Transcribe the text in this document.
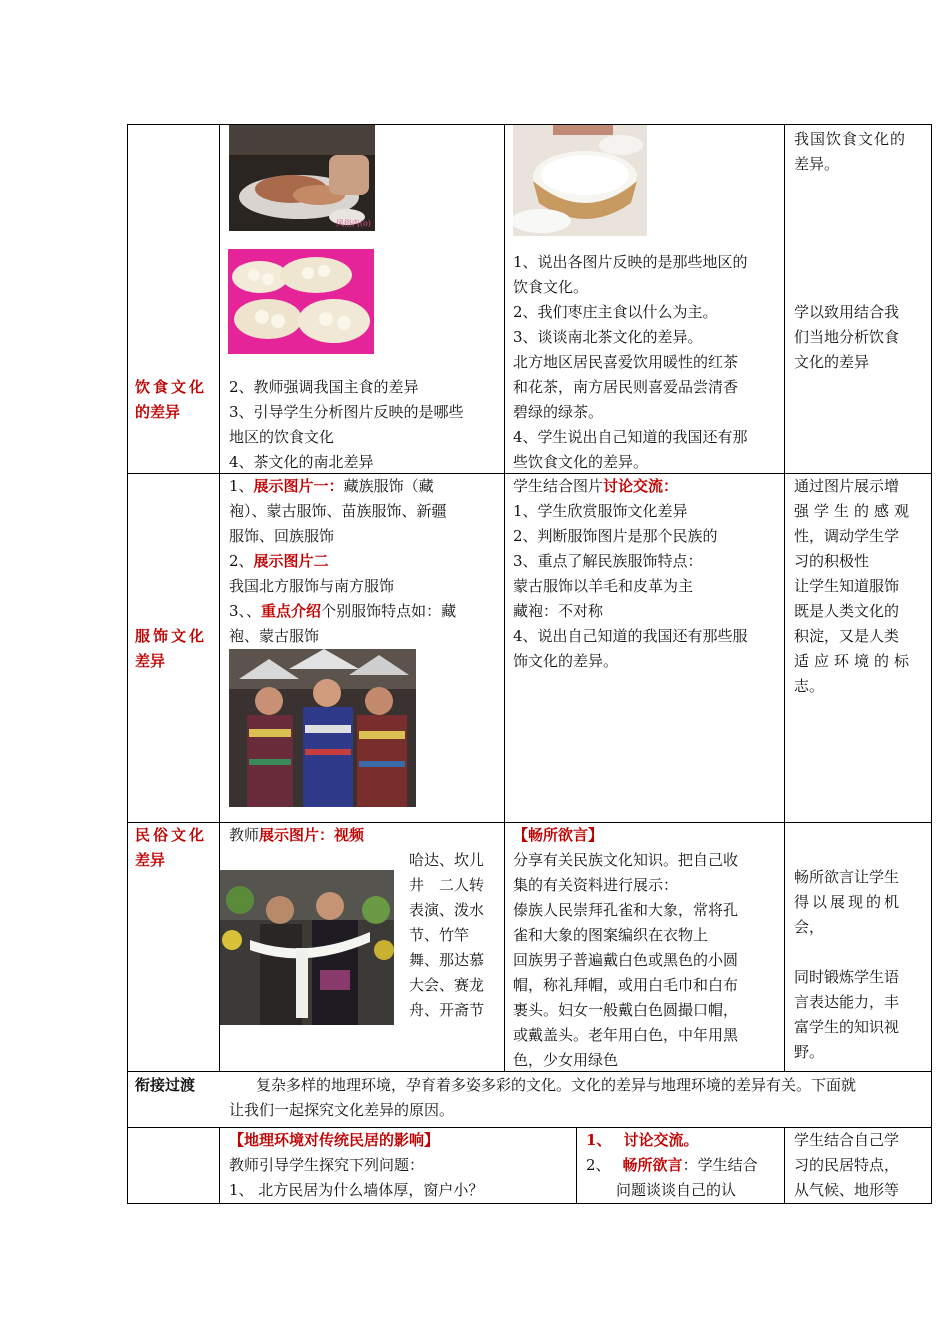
饮食文化
的差异
风俗内(o)
2、教师强调我国主食的差异
3、引导学生分析图片反映的是哪些
地区的饮食文化
4、茶文化的南北差异
1、说出各图片反映的是那些地区的
饮食文化。
2、我们枣庄主食以什么为主。
3、谈谈南北茶文化的差异。
北方地区居民喜爱饮用暖性的红茶
和花茶，南方居民则喜爱品尝清香
碧绿的绿茶。
4、学生说出自己知道的我国还有那
些饮食文化的差异。
我国饮食文化的
差异。
学以致用结合我
们当地分析饮食
文化的差异
服饰文化
差异
1、展示图片一：藏族服饰（藏
袍）、蒙古服饰、苗族服饰、新疆
服饰、回族服饰
2、展示图片二
我国北方服饰与南方服饰
3、、重点介绍个别服饰特点如：藏
袍、蒙古服饰
学生结合图片讨论交流：
1、学生欣赏服饰文化差异
2、判断服饰图片是那个民族的
3、重点了解民族服饰特点：
蒙古服饰以羊毛和皮革为主
藏袍：不对称
4、说出自己知道的我国还有那些服
饰文化的差异。
通过图片展示增
强学生的感观
性，调动学生学
习的积极性
让学生知道服饰
既是人类文化的
积淀，又是人类
适应环境的标
志。
民俗文化
差异
教师展示图片：视频
哈达、坎儿
井　二人转
表演、泼水
节、竹竿
舞、那达慕
大会、赛龙
舟、开斋节
【畅所欲言】
分享有关民族文化知识。把自己收
集的有关资料进行展示：
傣族人民崇拜孔雀和大象，常将孔
雀和大象的图案编织在衣物上
回族男子普遍戴白色或黑色的小圆
帽，称礼拜帽，或用白毛巾和白布
裹头。妇女一般戴白色圆撮口帽，
或戴盖头。老年用白色，中年用黑
色，少女用绿色
畅所欲言让学生
得以展现的机
会，
同时锻炼学生语
言表达能力，丰
富学生的知识视
野。
衔接过渡	复杂多样的地理环境，孕育着多姿多彩的文化。文化的差异与地理环境的差异有关。下面就
让我们一起探究文化差异的原因。
【地理环境对传统民居的影响】
教师引导学生探究下列问题：
1、 北方民居为什么墙体厚，窗户小？
1、 讨论交流。
2、 畅所欲言：学生结合
问题谈谈自己的认
学生结合自己学
习的民居特点，
从气候、地形等
